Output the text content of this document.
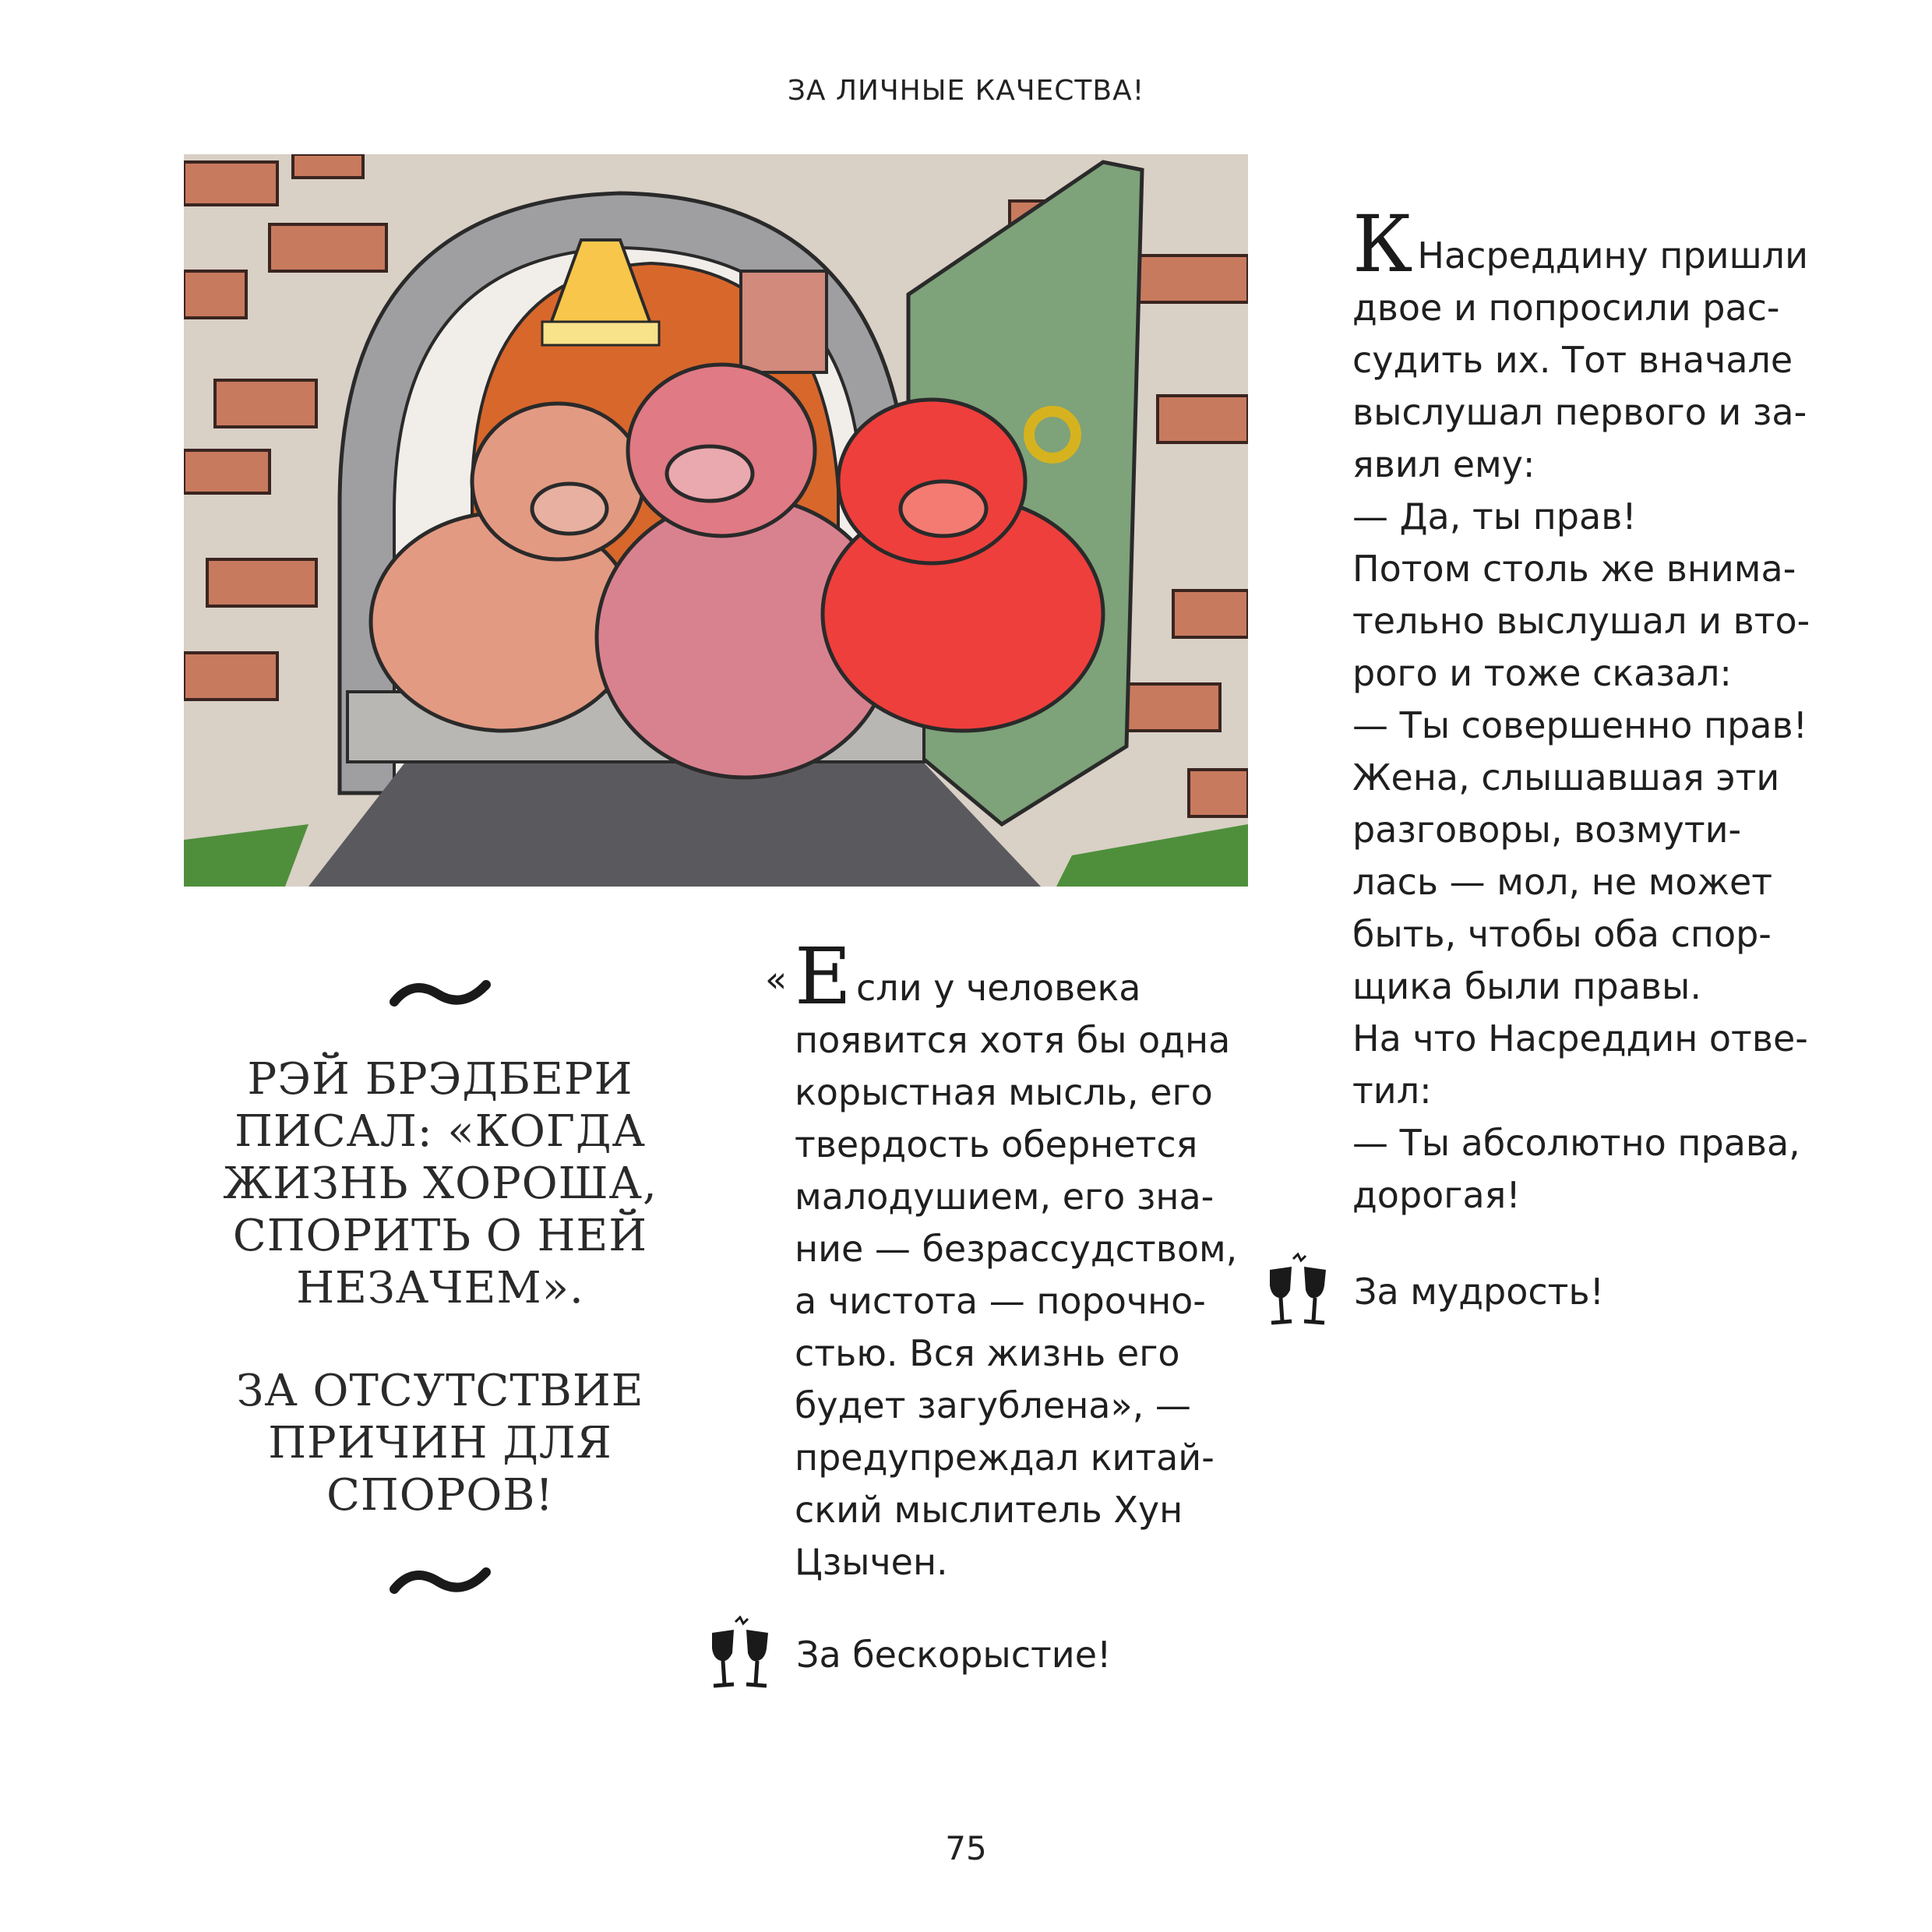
ЗА ЛИЧНЫЕ КАЧЕСТВА!
РЭЙ БРЭДБЕРИ
ПИСАЛ: «КОГДА
ЖИЗНЬ ХОРОША,
СПОРИТЬ О НЕЙ
НЕЗАЧЕМ».
ЗА ОТСУТСТВИЕ
ПРИЧИН ДЛЯ
СПОРОВ!
« Если у человека
появится хотя бы одна
корыстная мысль, его
твердость обернется
малодушием, его зна-
ние — безрассудством,
а чистота — порочно-
стью. Вся жизнь его
будет загублена», —
предупреждал китай-
ский мыслитель Хун
Цзычен.
За бескорыстие!
К Насреддину пришли
двое и попросили рас-
судить их. Тот вначале
выслушал первого и за-
явил ему:
— Да, ты прав!
Потом столь же внима-
тельно выслушал и вто-
рого и тоже сказал:
— Ты совершенно прав!
Жена, слышавшая эти
разговоры, возмути-
лась — мол, не может
быть, чтобы оба спор-
щика были правы.
На что Насреддин отве-
тил:
— Ты абсолютно права,
дорогая!
За мудрость!
75
